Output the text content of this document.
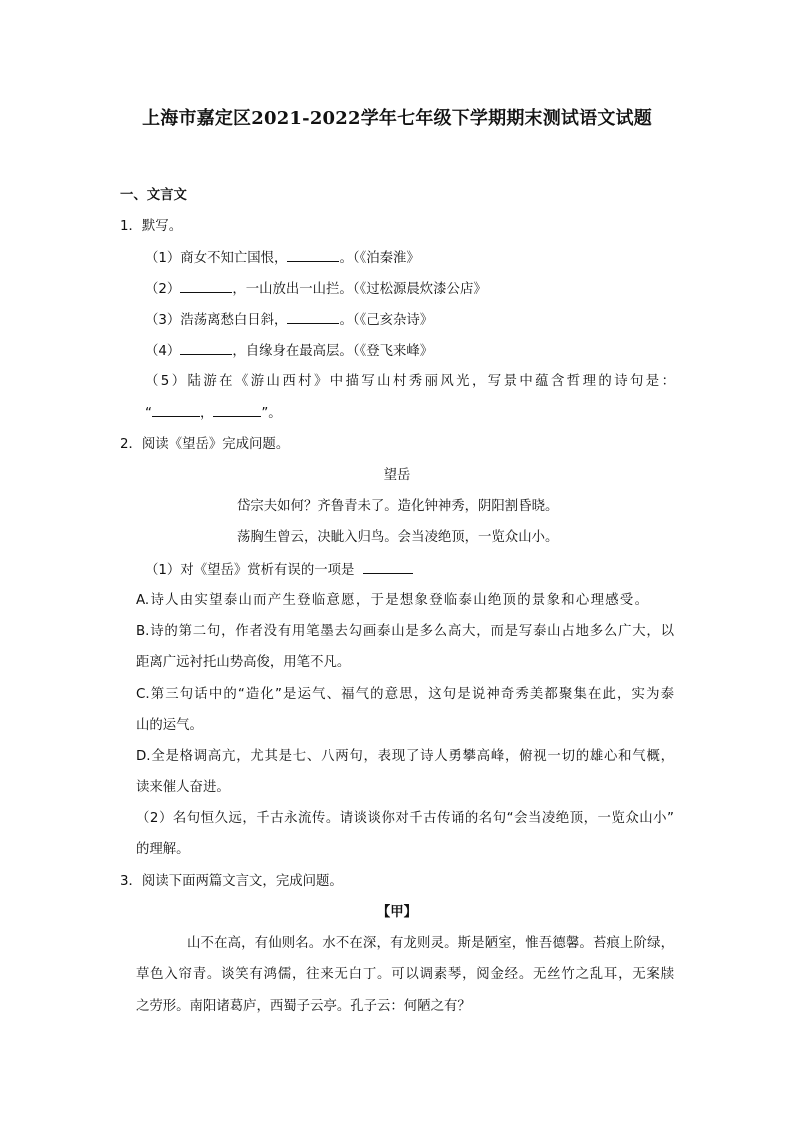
上海市嘉定区2021-2022学年七年级下学期期末测试语文试题
一、文言文
1．默写。
（1）商女不知亡国恨，	。（《泊秦淮》
（2）	，一山放出一山拦。（《过松源晨炊漆公店》
（3）浩荡离愁白日斜，	。（《己亥杂诗》
（4）	，自缘身在最高层。（《登飞来峰》
（5）陆游在《游山西村》中描写山村秀丽风光，写景中蕴含哲理的诗句是：
“	，	”。
2．阅读《望岳》完成问题。
望岳
岱宗夫如何？齐鲁青未了。造化钟神秀，阴阳割昏晓。
荡胸生曾云，决眦入归鸟。会当凌绝顶，一览众山小。
（1）对《望岳》赏析有误的一项是
A.诗人由实望泰山而产生登临意愿，于是想象登临泰山绝顶的景象和心理感受。
B.诗的第二句，作者没有用笔墨去勾画泰山是多么高大，而是写泰山占地多么广大，以
距离广远衬托山势高俊，用笔不凡。
C.第三句话中的“造化”是运气、福气的意思，这句是说神奇秀美都聚集在此，实为泰
山的运气。
D.全是格调高亢，尤其是七、八两句，表现了诗人勇攀高峰，俯视一切的雄心和气概，
读来催人奋进。
（2）名句恒久远，千古永流传。请谈谈你对千古传诵的名句“会当凌绝顶，一览众山小”
的理解。
3．阅读下面两篇文言文，完成问题。
【甲】
山不在高，有仙则名。水不在深，有龙则灵。斯是陋室，惟吾德馨。苔痕上阶绿，
草色入帘青。谈笑有鸿儒，往来无白丁。可以调素琴，阅金经。无丝竹之乱耳，无案牍
之劳形。南阳诸葛庐，西蜀子云亭。孔子云：何陋之有？
